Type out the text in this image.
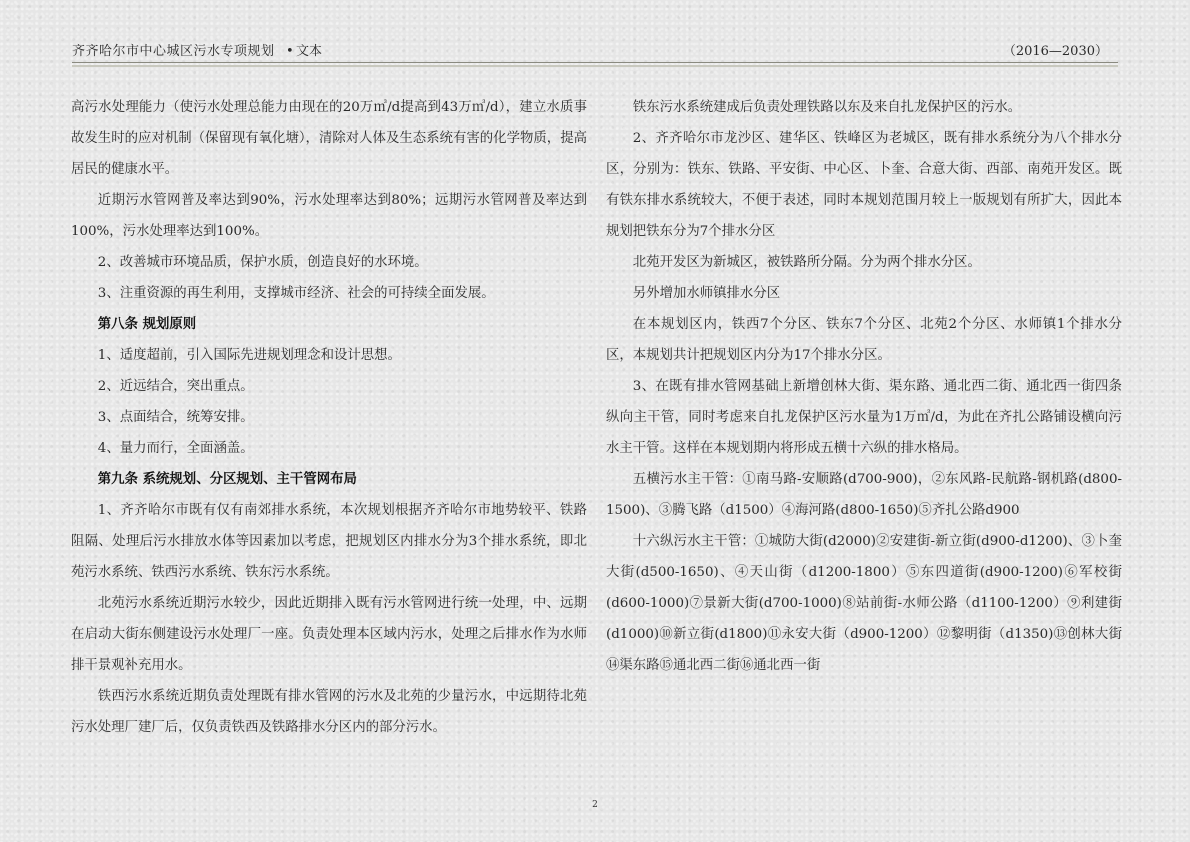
齐齐哈尔市中心城区污水专项规划 • 文本	（2016—2030）

高污水处理能力（使污水处理总能力由现在的20万㎥/d提高到43万㎥/d），建立水质事故发生时的应对机制（保留现有氧化塘），清除对人体及生态系统有害的化学物质，提高居民的健康水平。

近期污水管网普及率达到90%，污水处理率达到80%；远期污水管网普及率达到100%，污水处理率达到100%。

2、改善城市环境品质，保护水质，创造良好的水环境。

3、注重资源的再生利用，支撑城市经济、社会的可持续全面发展。

第八条 规划原则

1、适度超前，引入国际先进规划理念和设计思想。

2、近远结合，突出重点。

3、点面结合，统筹安排。

4、量力而行，全面涵盖。

第九条 系统规划、分区规划、主干管网布局

1、齐齐哈尔市既有仅有南郊排水系统，本次规划根据齐齐哈尔市地势较平、铁路阻隔、处理后污水排放水体等因素加以考虑，把规划区内排水分为3个排水系统，即北苑污水系统、铁西污水系统、铁东污水系统。

北苑污水系统近期污水较少，因此近期排入既有污水管网进行统一处理，中、远期在启动大街东侧建设污水处理厂一座。负责处理本区域内污水，处理之后排水作为水师排干景观补充用水。

铁西污水系统近期负责处理既有排水管网的污水及北苑的少量污水，中远期待北苑污水处理厂建厂后，仅负责铁西及铁路排水分区内的部分污水。

铁东污水系统建成后负责处理铁路以东及来自扎龙保护区的污水。

2、齐齐哈尔市龙沙区、建华区、铁峰区为老城区，既有排水系统分为八个排水分区，分别为：铁东、铁路、平安街、中心区、卜奎、合意大街、西部、南苑开发区。既有铁东排水系统较大，不便于表述，同时本规划范围月较上一版规划有所扩大，因此本规划把铁东分为7个排水分区

北苑开发区为新城区，被铁路所分隔。分为两个排水分区。

另外增加水师镇排水分区

在本规划区内，铁西7个分区、铁东7个分区、北苑2个分区、水师镇1个排水分区，本规划共计把规划区内分为17个排水分区。

3、在既有排水管网基础上新增创林大街、渠东路、通北西二街、通北西一街四条纵向主干管，同时考虑来自扎龙保护区污水量为1万㎥/d，为此在齐扎公路铺设横向污水主干管。这样在本规划期内将形成五横十六纵的排水格局。

五横污水主干管：①南马路-安顺路(d700-900)，②东风路-民航路-钢机路(d800-1500)、③腾飞路（d1500）④海河路(d800-1650)⑤齐扎公路d900

十六纵污水主干管：①城防大街(d2000)②安建街-新立街(d900-d1200)、③卜奎大街(d500-1650)、④天山街（d1200-1800）⑤东四道街(d900-1200)⑥军校街(d600-1000)⑦景新大街(d700-1000)⑧站前街-水师公路（d1100-1200）⑨利建街(d1000)⑩新立街(d1800)⑪永安大街（d900-1200）⑫黎明街（d1350)⑬创林大街⑭渠东路⑮通北西二街⑯通北西一街

2
